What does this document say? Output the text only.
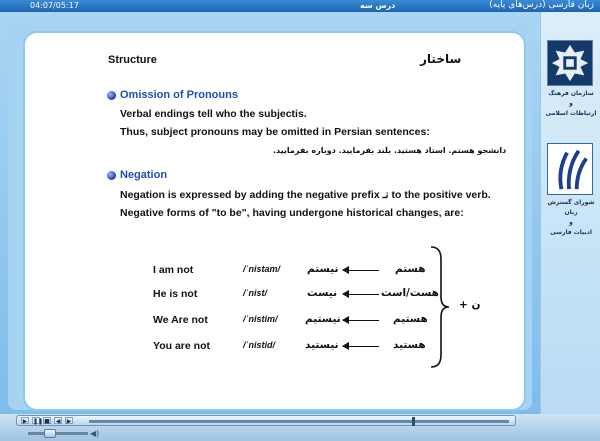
04:07/05:17	درس سه	زبان فارسی (درس‌های پایه)
Structure	ساختار
Omission of Pronouns
Verbal endings tell who the subjectis.
Thus, subject pronouns may be omitted in Persian sentences:
دانشجو هستم. استاد هستید. بلند بفرمایید. دوباره بفرمایید.
Negation
Negation is expressed by adding the negative prefix نـ to the positive verb.
Negative forms of "to be", having undergone historical changes, are:
I am not	/ˈnistam/	نیستم	هستم
He is not	/ˈnist/	نیست	هست/است
We Are not	/ˈnistim/	نیستیم	هستیم
You are not	/ˈnistid/	نیستید	هستید
ن +
سازمان فرهنگ
و
ارتباطات اسلامی
شورای گسترش زبان
و
ادبیات فارسی
▶ ❚❚ ■ ◀ ▶
◀)
